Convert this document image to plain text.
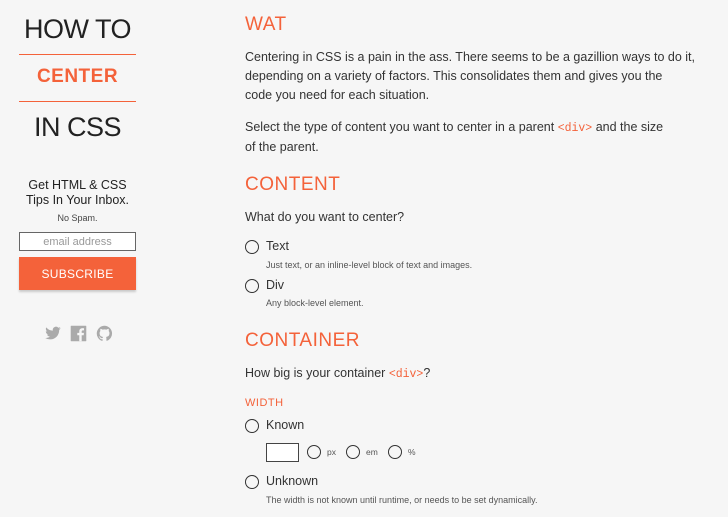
HOW TO
CENTER
IN CSS
Get HTML & CSS
Tips In Your Inbox.
No Spam.
email address
SUBSCRIBE
WAT
Centering in CSS is a pain in the ass. There seems to be a gazillion ways to do it,
depending on a variety of factors. This consolidates them and gives you the
code you need for each situation.
Select the type of content you want to center in a parent <div> and the size
of the parent.
CONTENT
What do you want to center?
Text
Just text, or an inline-level block of text and images.
Div
Any block-level element.
CONTAINER
How big is your container <div>?
WIDTH
Known
px	em	%
Unknown
The width is not known until runtime, or needs to be set dynamically.
